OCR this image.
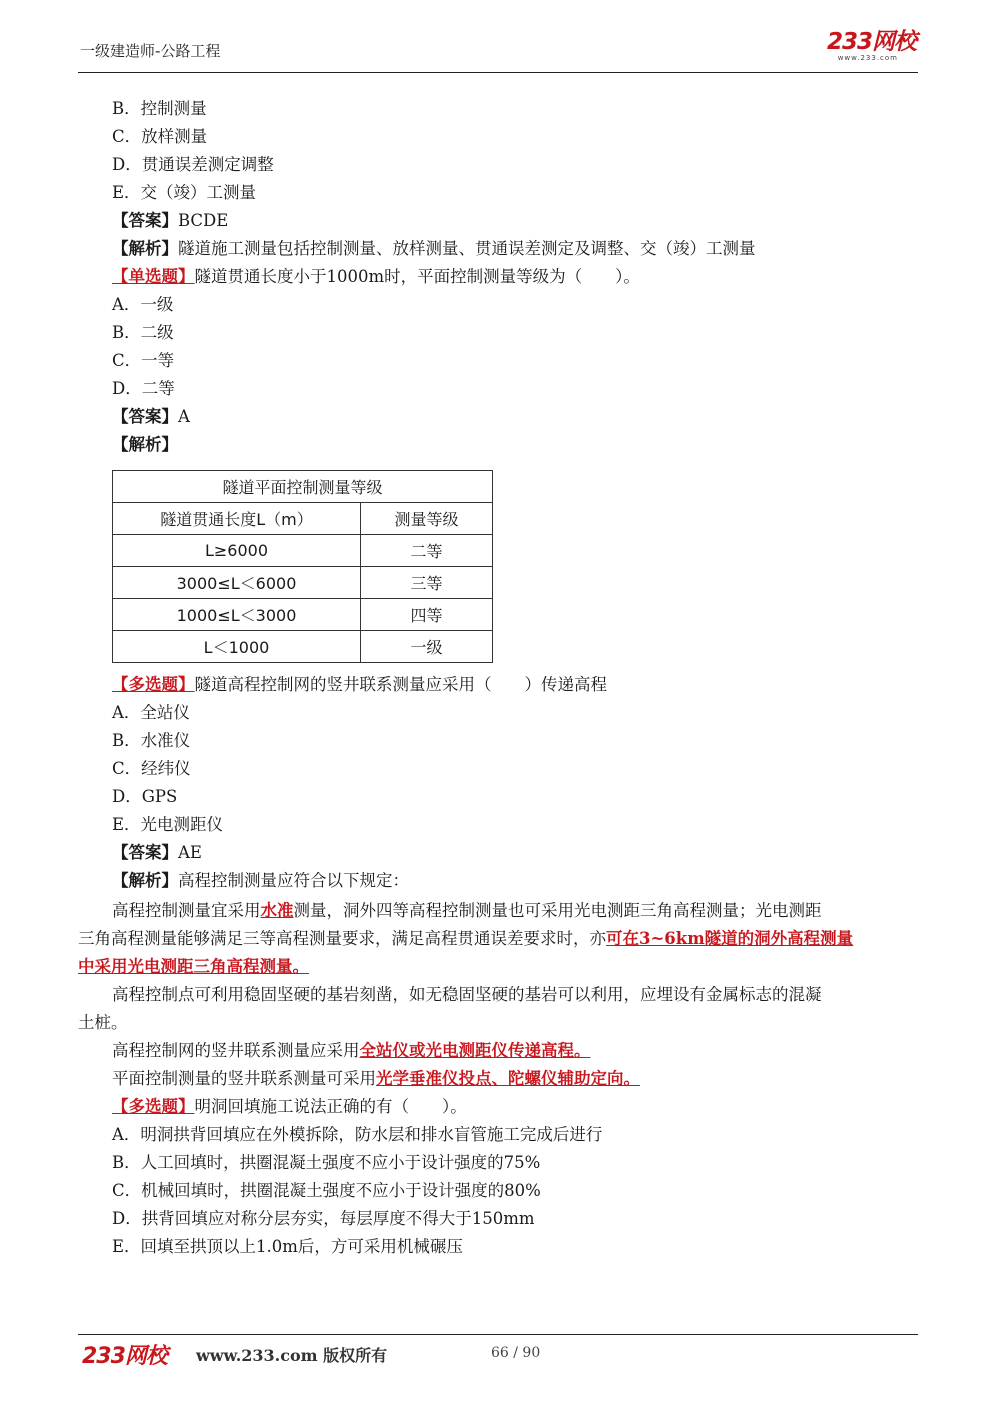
一级建造师-公路工程	233网校
www.233.com
B．控制测量
C．放样测量
D．贯通误差测定调整
E．交（竣）工测量
【答案】BCDE
【解析】隧道施工测量包括控制测量、放样测量、贯通误差测定及调整、交（竣）工测量
【单选题】隧道贯通长度小于1000m时，平面控制测量等级为（　　）。
A．一级
B．二级
C．一等
D．二等
【答案】A
【解析】
隧道平面控制测量等级	
隧道贯通长度L（m）	测量等级
L≥6000	二等
3000≤L＜6000	三等
1000≤L＜3000	四等
L＜1000	一级
【多选题】隧道高程控制网的竖井联系测量应采用（　　）传递高程
A．全站仪
B．水准仪
C．经纬仪
D．GPS
E．光电测距仪
【答案】AE
【解析】高程控制测量应符合以下规定：
高程控制测量宜采用水准测量，洞外四等高程控制测量也可采用光电测距三角高程测量；光电测距
三角高程测量能够满足三等高程测量要求，满足高程贯通误差要求时，亦可在3~6km隧道的洞外高程测量
中采用光电测距三角高程测量。
高程控制点可利用稳固坚硬的基岩刻凿，如无稳固坚硬的基岩可以利用，应埋设有金属标志的混凝
土桩。
高程控制网的竖井联系测量应采用全站仪或光电测距仪传递高程。
平面控制测量的竖井联系测量可采用光学垂准仪投点、陀螺仪辅助定向。
【多选题】明洞回填施工说法正确的有（　　）。
A．明洞拱背回填应在外模拆除，防水层和排水盲管施工完成后进行
B．人工回填时，拱圈混凝土强度不应小于设计强度的75%
C．机械回填时，拱圈混凝土强度不应小于设计强度的80%
D．拱背回填应对称分层夯实，每层厚度不得大于150mm
E．回填至拱顶以上1.0m后，方可采用机械碾压
233网校 www.233.com 版权所有	66 / 90
